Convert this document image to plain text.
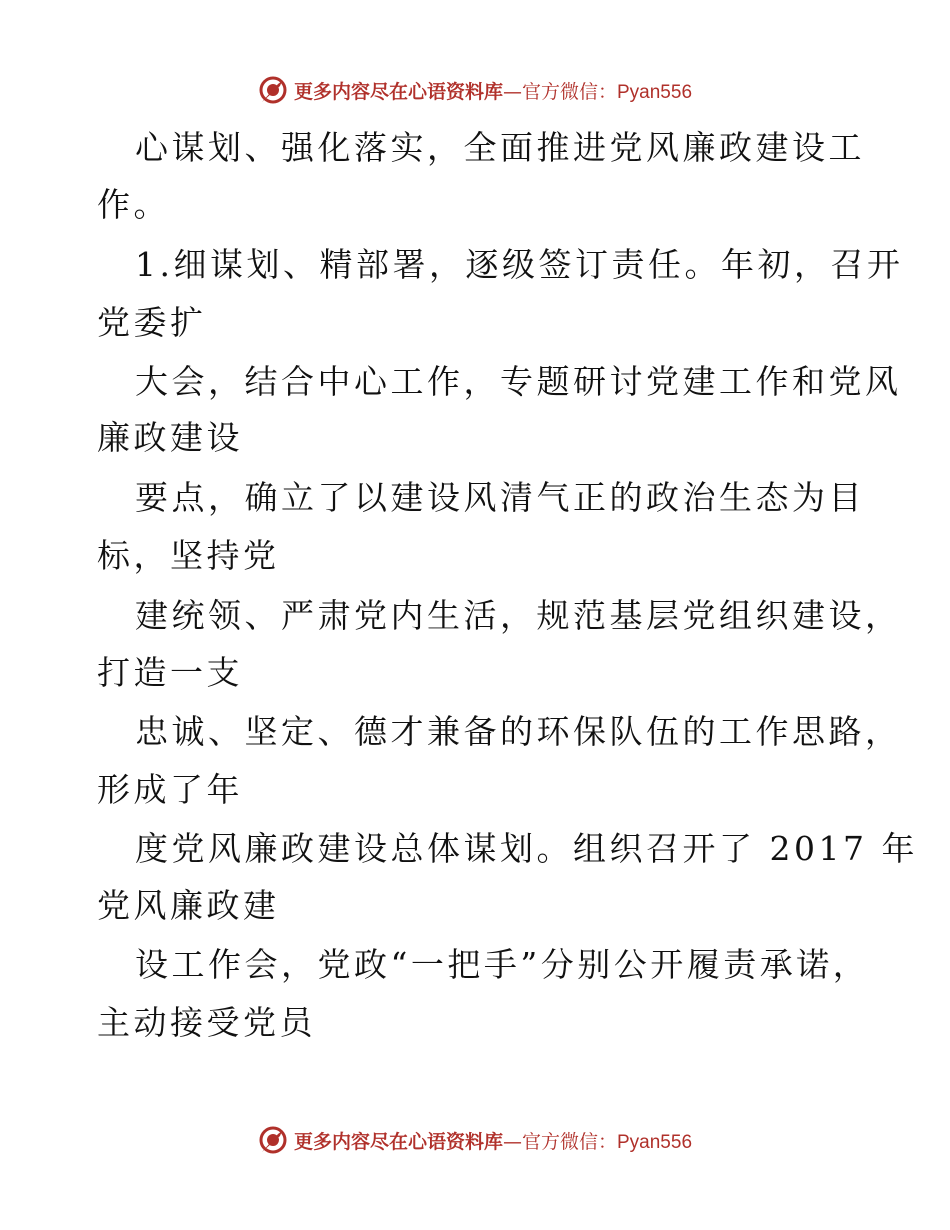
更多内容尽在心语资料库—官方微信：Pyan556
心谋划、强化落实，全面推进党风廉政建设工
作。
1.细谋划、精部署，逐级签订责任。年初，召开
党委扩
大会，结合中心工作，专题研讨党建工作和党风
廉政建设
要点，确立了以建设风清气正的政治生态为目
标，坚持党
建统领、严肃党内生活，规范基层党组织建设，
打造一支
忠诚、坚定、德才兼备的环保队伍的工作思路，
形成了年
度党风廉政建设总体谋划。组织召开了 2017 年
党风廉政建
设工作会，党政“一把手”分别公开履责承诺，
主动接受党员
更多内容尽在心语资料库—官方微信：Pyan556
